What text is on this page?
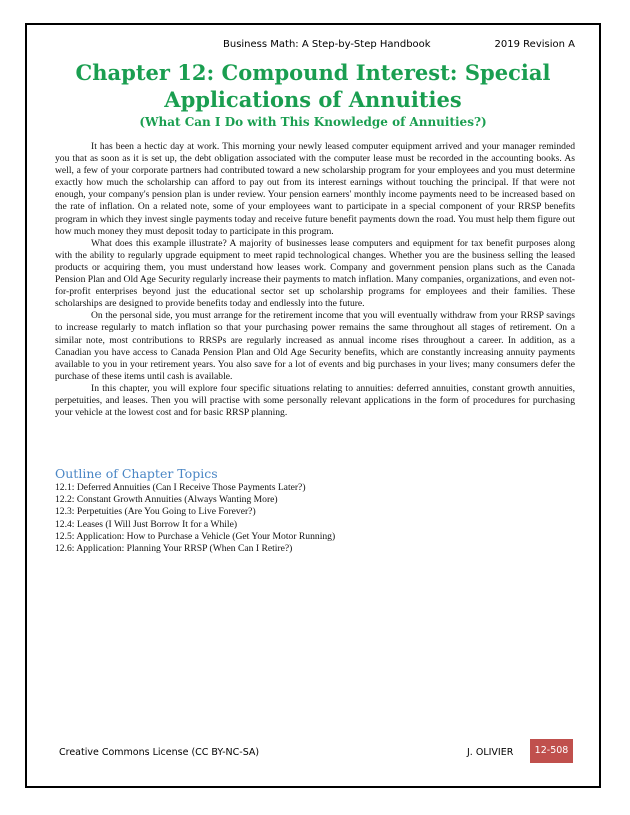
Business Math: A Step-by-Step Handbook	2019 Revision A
Chapter 12: Compound Interest: Special Applications of Annuities
(What Can I Do with This Knowledge of Annuities?)

It has been a hectic day at work. This morning your newly leased computer equipment arrived and your manager reminded you that as soon as it is set up, the debt obligation associated with the computer lease must be recorded in the accounting books. As well, a few of your corporate partners had contributed toward a new scholarship program for your employees and you must determine exactly how much the scholarship can afford to pay out from its interest earnings without touching the principal. If that were not enough, your company's pension plan is under review. Your pension earners' monthly income payments need to be increased based on the rate of inflation. On a related note, some of your employees want to participate in a special component of your RRSP benefits program in which they invest single payments today and receive future benefit payments down the road. You must help them figure out how much money they must deposit today to participate in this program.

What does this example illustrate? A majority of businesses lease computers and equipment for tax benefit purposes along with the ability to regularly upgrade equipment to meet rapid technological changes. Whether you are the business selling the leased products or acquiring them, you must understand how leases work. Company and government pension plans such as the Canada Pension Plan and Old Age Security regularly increase their payments to match inflation. Many companies, organizations, and even not-for-profit enterprises beyond just the educational sector set up scholarship programs for employees and their families. These scholarships are designed to provide benefits today and endlessly into the future.

On the personal side, you must arrange for the retirement income that you will eventually withdraw from your RRSP savings to increase regularly to match inflation so that your purchasing power remains the same throughout all stages of retirement. On a similar note, most contributions to RRSPs are regularly increased as annual income rises throughout a career. In addition, as a Canadian you have access to Canada Pension Plan and Old Age Security benefits, which are constantly increasing annuity payments available to you in your retirement years. You also save for a lot of events and big purchases in your lives; many consumers defer the purchase of these items until cash is available.

In this chapter, you will explore four specific situations relating to annuities: deferred annuities, constant growth annuities, perpetuities, and leases. Then you will practise with some personally relevant applications in the form of procedures for purchasing your vehicle at the lowest cost and for basic RRSP planning.

Outline of Chapter Topics
12.1: Deferred Annuities (Can I Receive Those Payments Later?)
12.2: Constant Growth Annuities (Always Wanting More)
12.3: Perpetuities (Are You Going to Live Forever?)
12.4: Leases (I Will Just Borrow It for a While)
12.5: Application: How to Purchase a Vehicle (Get Your Motor Running)
12.6: Application: Planning Your RRSP (When Can I Retire?)
Creative Commons License (CC BY-NC-SA)	J. OLIVIER	12-508
